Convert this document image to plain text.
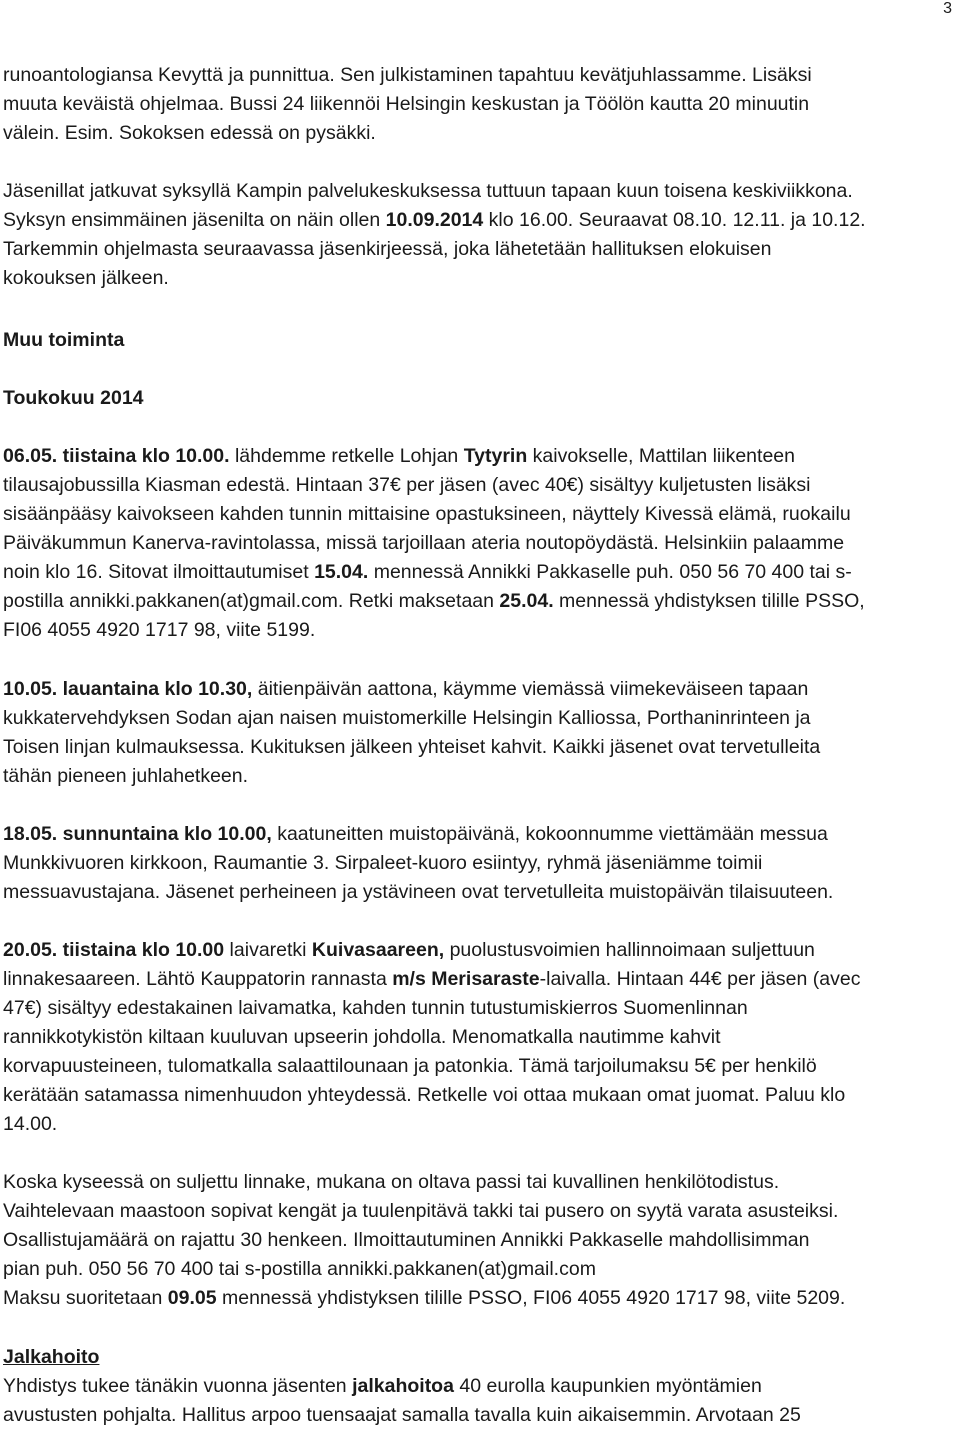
3
runoantologiansa Kevyttä ja punnittua. Sen julkistaminen tapahtuu kevätjuhlassamme. Lisäksi
muuta keväistä ohjelmaa. Bussi 24 liikennöi Helsingin keskustan ja Töölön kautta 20 minuutin
välein. Esim. Sokoksen edessä on pysäkki.
Jäsenillat jatkuvat syksyllä Kampin palvelukeskuksessa tuttuun tapaan kuun toisena keskiviikkona.
Syksyn ensimmäinen jäsenilta on näin ollen 10.09.2014 klo 16.00. Seuraavat 08.10. 12.11. ja 10.12.
Tarkemmin ohjelmasta seuraavassa jäsenkirjeessä, joka lähetetään hallituksen elokuisen
kokouksen jälkeen.
Muu toiminta
Toukokuu 2014
06.05. tiistaina klo 10.00. lähdemme retkelle Lohjan Tytyrin kaivokselle, Mattilan liikenteen
tilausajobussilla Kiasman edestä. Hintaan 37€ per jäsen (avec 40€) sisältyy kuljetusten lisäksi
sisäänpääsy kaivokseen kahden tunnin mittaisine opastuksineen, näyttely Kivessä elämä, ruokailu
Päiväkummun Kanerva-ravintolassa, missä tarjoillaan ateria noutopöydästä. Helsinkiin palaamme
noin klo 16. Sitovat ilmoittautumiset 15.04. mennessä Annikki Pakkaselle puh. 050 56 70 400 tai s-
postilla annikki.pakkanen(at)gmail.com. Retki maksetaan 25.04. mennessä yhdistyksen tilille PSSO,
FI06 4055 4920 1717 98, viite 5199.
10.05. lauantaina klo 10.30, äitienpäivän aattona, käymme viemässä viimekeväiseen tapaan
kukkatervehdyksen Sodan ajan naisen muistomerkille Helsingin Kalliossa, Porthaninrinteen ja
Toisen linjan kulmauksessa. Kukituksen jälkeen yhteiset kahvit. Kaikki jäsenet ovat tervetulleita
tähän pieneen juhlahetkeen.
18.05. sunnuntaina klo 10.00, kaatuneitten muistopäivänä, kokoonnumme viettämään messua
Munkkivuoren kirkkoon, Raumantie 3. Sirpaleet-kuoro esiintyy, ryhmä jäseniämme toimii
messuavustajana. Jäsenet perheineen ja ystävineen ovat tervetulleita muistopäivän tilaisuuteen.
20.05. tiistaina klo 10.00 laivaretki Kuivasaareen, puolustusvoimien hallinnoimaan suljettuun
linnakesaareen. Lähtö Kauppatorin rannasta m/s Merisaraste-laivalla. Hintaan 44€ per jäsen (avec
47€) sisältyy edestakainen laivamatka, kahden tunnin tutustumiskierros Suomenlinnan
rannikkotykistön kiltaan kuuluvan upseerin johdolla. Menomatkalla nautimme kahvit
korvapuusteineen, tulomatkalla salaattilounaan ja patonkia. Tämä tarjoilumaksu 5€ per henkilö
kerätään satamassa nimenhuudon yhteydessä. Retkelle voi ottaa mukaan omat juomat. Paluu klo
14.00.
Koska kyseessä on suljettu linnake, mukana on oltava passi tai kuvallinen henkilötodistus.
Vaihtelevaan maastoon sopivat kengät ja tuulenpitävä takki tai pusero on syytä varata asusteiksi.
Osallistujamäärä on rajattu 30 henkeen. Ilmoittautuminen Annikki Pakkaselle mahdollisimman
pian puh. 050 56 70 400 tai s-postilla annikki.pakkanen(at)gmail.com
Maksu suoritetaan 09.05 mennessä yhdistyksen tilille PSSO, FI06 4055 4920 1717 98, viite 5209.
Jalkahoito
Yhdistys tukee tänäkin vuonna jäsenten jalkahoitoa 40 eurolla kaupunkien myöntämien
avustusten pohjalta. Hallitus arpoo tuensaajat samalla tavalla kuin aikaisemmin. Arvotaan 25
